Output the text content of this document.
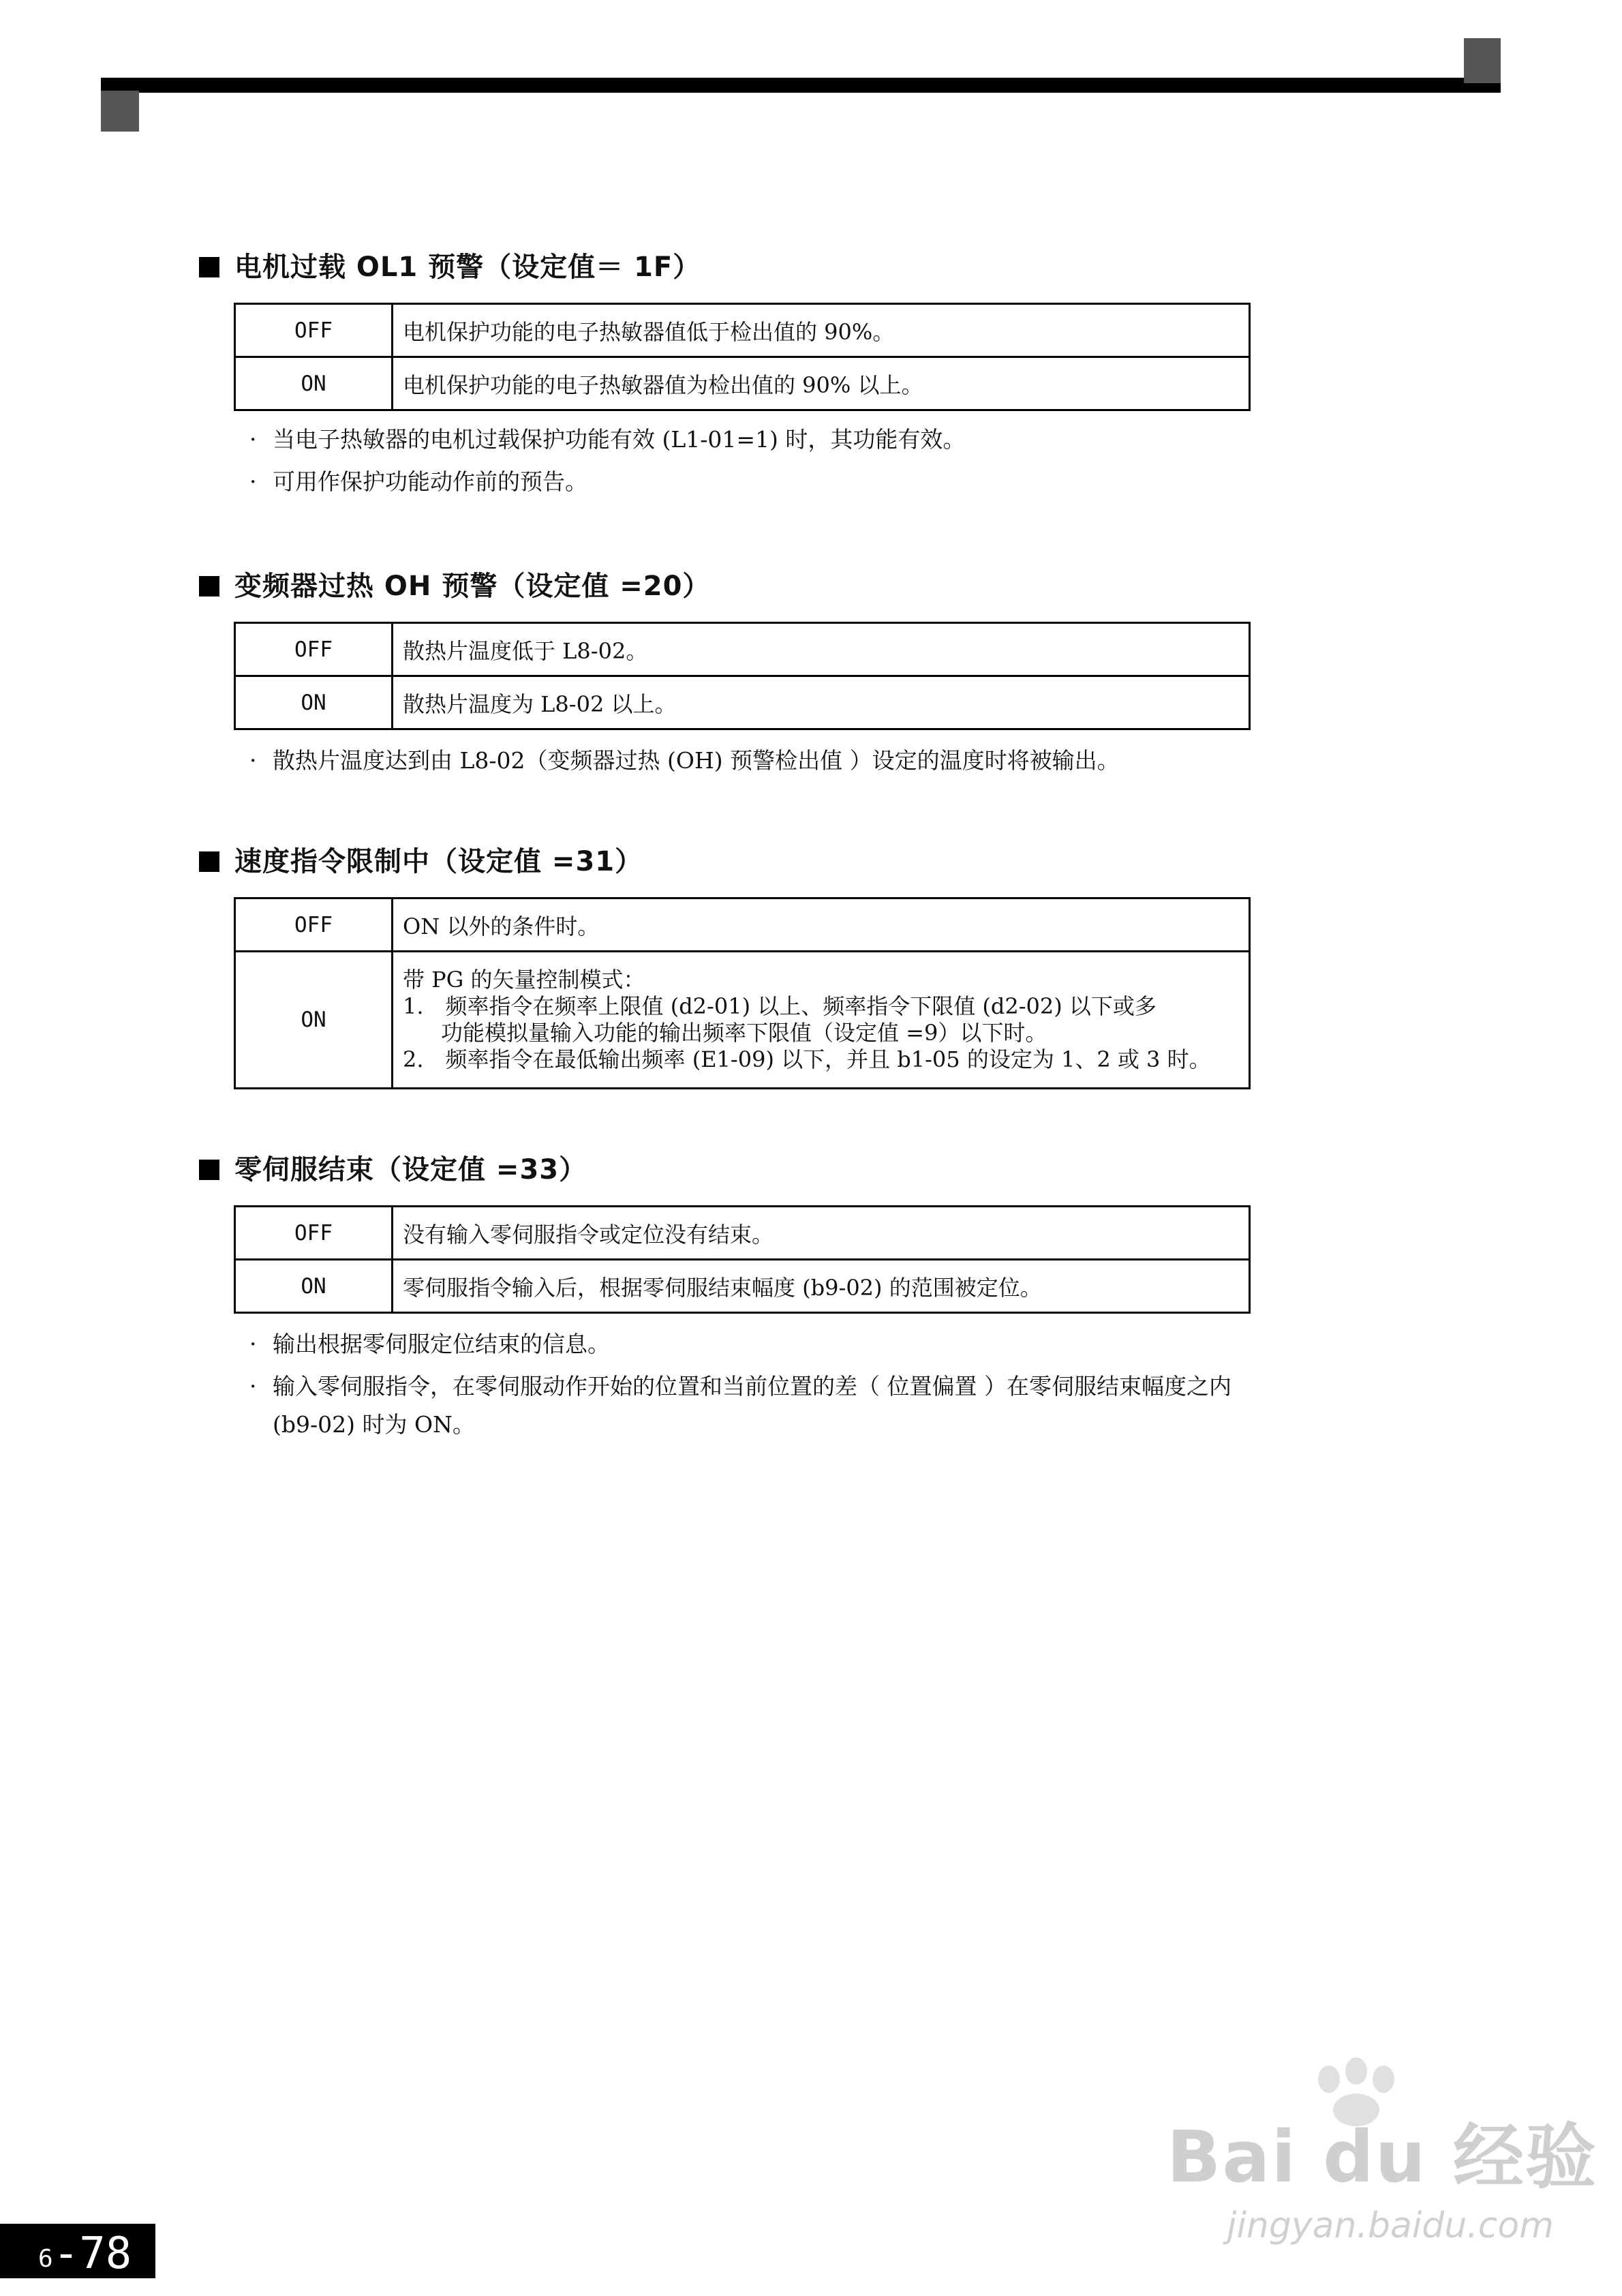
电机过载 OL1 预警（设定值＝ 1F）
OFF	电机保护功能的电子热敏器值低于检出值的 90%。
ON	电机保护功能的电子热敏器值为检出值的 90% 以上。
· 当电子热敏器的电机过载保护功能有效 (L1-01=1) 时，其功能有效。
· 可用作保护功能动作前的预告。
变频器过热 OH 预警（设定值 =20）
OFF	散热片温度低于 L8-02。
ON	散热片温度为 L8-02 以上。
· 散热片温度达到由 L8-02（变频器过热 (OH) 预警检出值 ）设定的温度时将被输出。
速度指令限制中（设定值 =31）
OFF	ON 以外的条件时。
ON	带 PG 的矢量控制模式：
1.　频率指令在频率上限值 (d2-01) 以上、频率指令下限值 (d2-02) 以下或多
功能模拟量输入功能的输出频率下限值（设定值 =9）以下时。
2.　频率指令在最低输出频率 (E1-09) 以下，并且 b1-05 的设定为 1、2 或 3 时。
零伺服结束（设定值 =33）
OFF	没有输入零伺服指令或定位没有结束。
ON	零伺服指令输入后，根据零伺服结束幅度 (b9-02) 的范围被定位。
· 输出根据零伺服定位结束的信息。
· 输入零伺服指令，在零伺服动作开始的位置和当前位置的差（ 位置偏置 ）在零伺服结束幅度之内
(b9-02) 时为 ON。
6 -78
Bai du 经验
jingyan.baidu.com
